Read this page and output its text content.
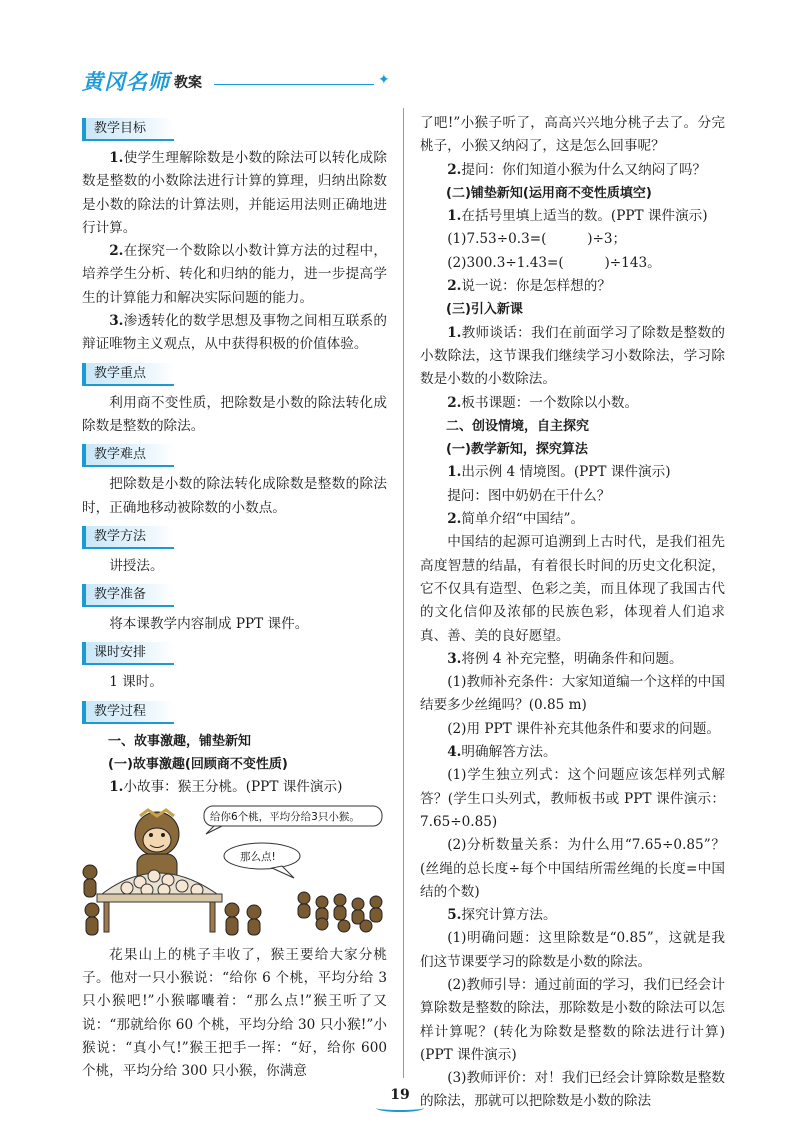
黄冈名师 教案	✦
教学目标

1.使学生理解除数是小数的除法可以转化成除数是整数的小数除法进行计算的算理，归纳出除数是小数的除法的计算法则，并能运用法则正确地进行计算。

2.在探究一个数除以小数计算方法的过程中，培养学生分析、转化和归纳的能力，进一步提高学生的计算能力和解决实际问题的能力。

3.渗透转化的数学思想及事物之间相互联系的辩证唯物主义观点，从中获得积极的价值体验。

教学重点

利用商不变性质，把除数是小数的除法转化成除数是整数的除法。

教学难点

把除数是小数的除法转化成除数是整数的除法时，正确地移动被除数的小数点。

教学方法

讲授法。

教学准备

将本课教学内容制成 PPT 课件。

课时安排

1 课时。

教学过程

一、故事激趣，铺垫新知

(一)故事激趣(回顾商不变性质)

1.小故事：猴王分桃。(PPT 课件演示)

给你6个桃，平均分给3只小猴。
那么点!

花果山上的桃子丰收了，猴王要给大家分桃子。他对一只小猴说：“给你 6 个桃，平均分给 3 只小猴吧!”小猴嘟囔着：“那么点!”猴王听了又说：“那就给你 60 个桃，平均分给 30 只小猴!”小猴说：“真小气!”猴王把手一挥：“好，给你 600 个桃，平均分给 300 只小猴，你满意

了吧!”小猴子听了，高高兴兴地分桃子去了。分完桃子，小猴又纳闷了，这是怎么回事呢？

2.提问：你们知道小猴为什么又纳闷了吗？

(二)铺垫新知(运用商不变性质填空)

1.在括号里填上适当的数。(PPT 课件演示)

(1)7.53÷0.3=(　　　)÷3；

(2)300.3÷1.43=(　　　)÷143。

2.说一说：你是怎样想的？

(三)引入新课

1.教师谈话：我们在前面学习了除数是整数的小数除法，这节课我们继续学习小数除法，学习除数是小数的小数除法。

2.板书课题：一个数除以小数。

二、创设情境，自主探究

(一)教学新知，探究算法

1.出示例 4 情境图。(PPT 课件演示)

提问：图中奶奶在干什么？

2.简单介绍“中国结”。

中国结的起源可追溯到上古时代，是我们祖先高度智慧的结晶，有着很长时间的历史文化积淀，它不仅具有造型、色彩之美，而且体现了我国古代的文化信仰及浓郁的民族色彩，体现着人们追求真、善、美的良好愿望。

3.将例 4 补充完整，明确条件和问题。

(1)教师补充条件：大家知道编一个这样的中国结要多少丝绳吗？(0.85 m)

(2)用 PPT 课件补充其他条件和要求的问题。

4.明确解答方法。

(1)学生独立列式：这个问题应该怎样列式解答？(学生口头列式，教师板书或 PPT 课件演示：7.65÷0.85)

(2)分析数量关系：为什么用“7.65÷0.85”？(丝绳的总长度÷每个中国结所需丝绳的长度=中国结的个数)

5.探究计算方法。

(1)明确问题：这里除数是“0.85”，这就是我们这节课要学习的除数是小数的除法。

(2)教师引导：通过前面的学习，我们已经会计算除数是整数的除法，那除数是小数的除法可以怎样计算呢？(转化为除数是整数的除法进行计算)(PPT 课件演示)

(3)教师评价：对！我们已经会计算除数是整数的除法，那就可以把除数是小数的除法

19
